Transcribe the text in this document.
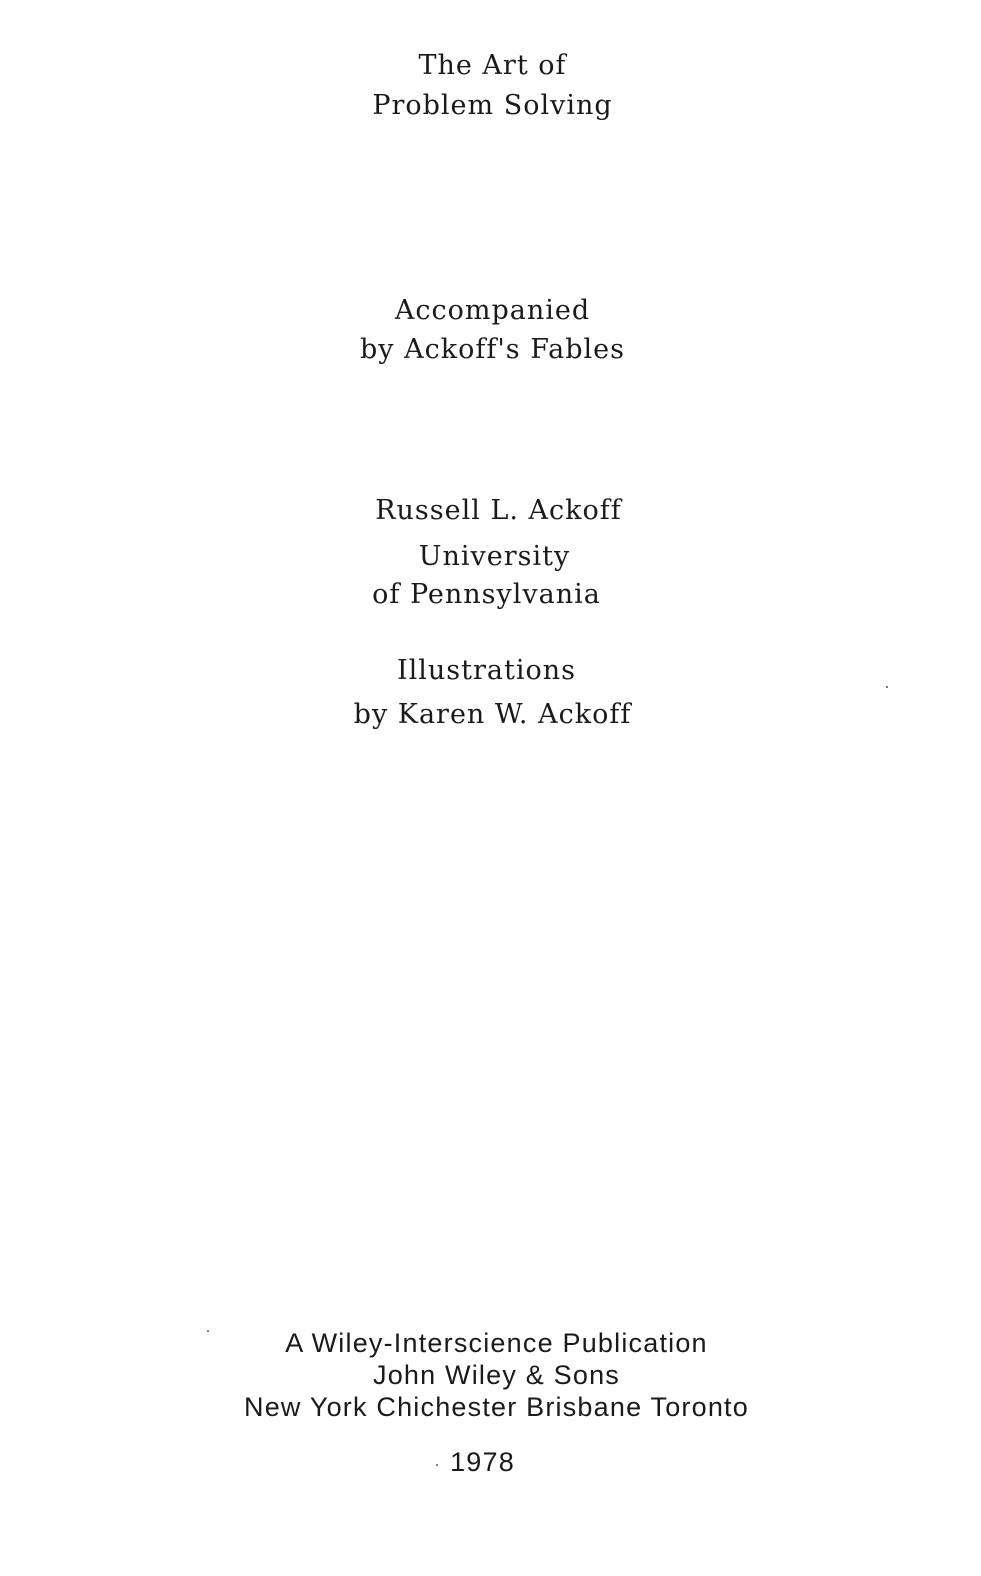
The Art of
Problem Solving
Accompanied
by Ackoff's Fables
Russell L. Ackoff
University
of Pennsylvania
Illustrations
by Karen W. Ackoff
A Wiley-Interscience Publication
John Wiley & Sons
New York Chichester Brisbane Toronto
1978
